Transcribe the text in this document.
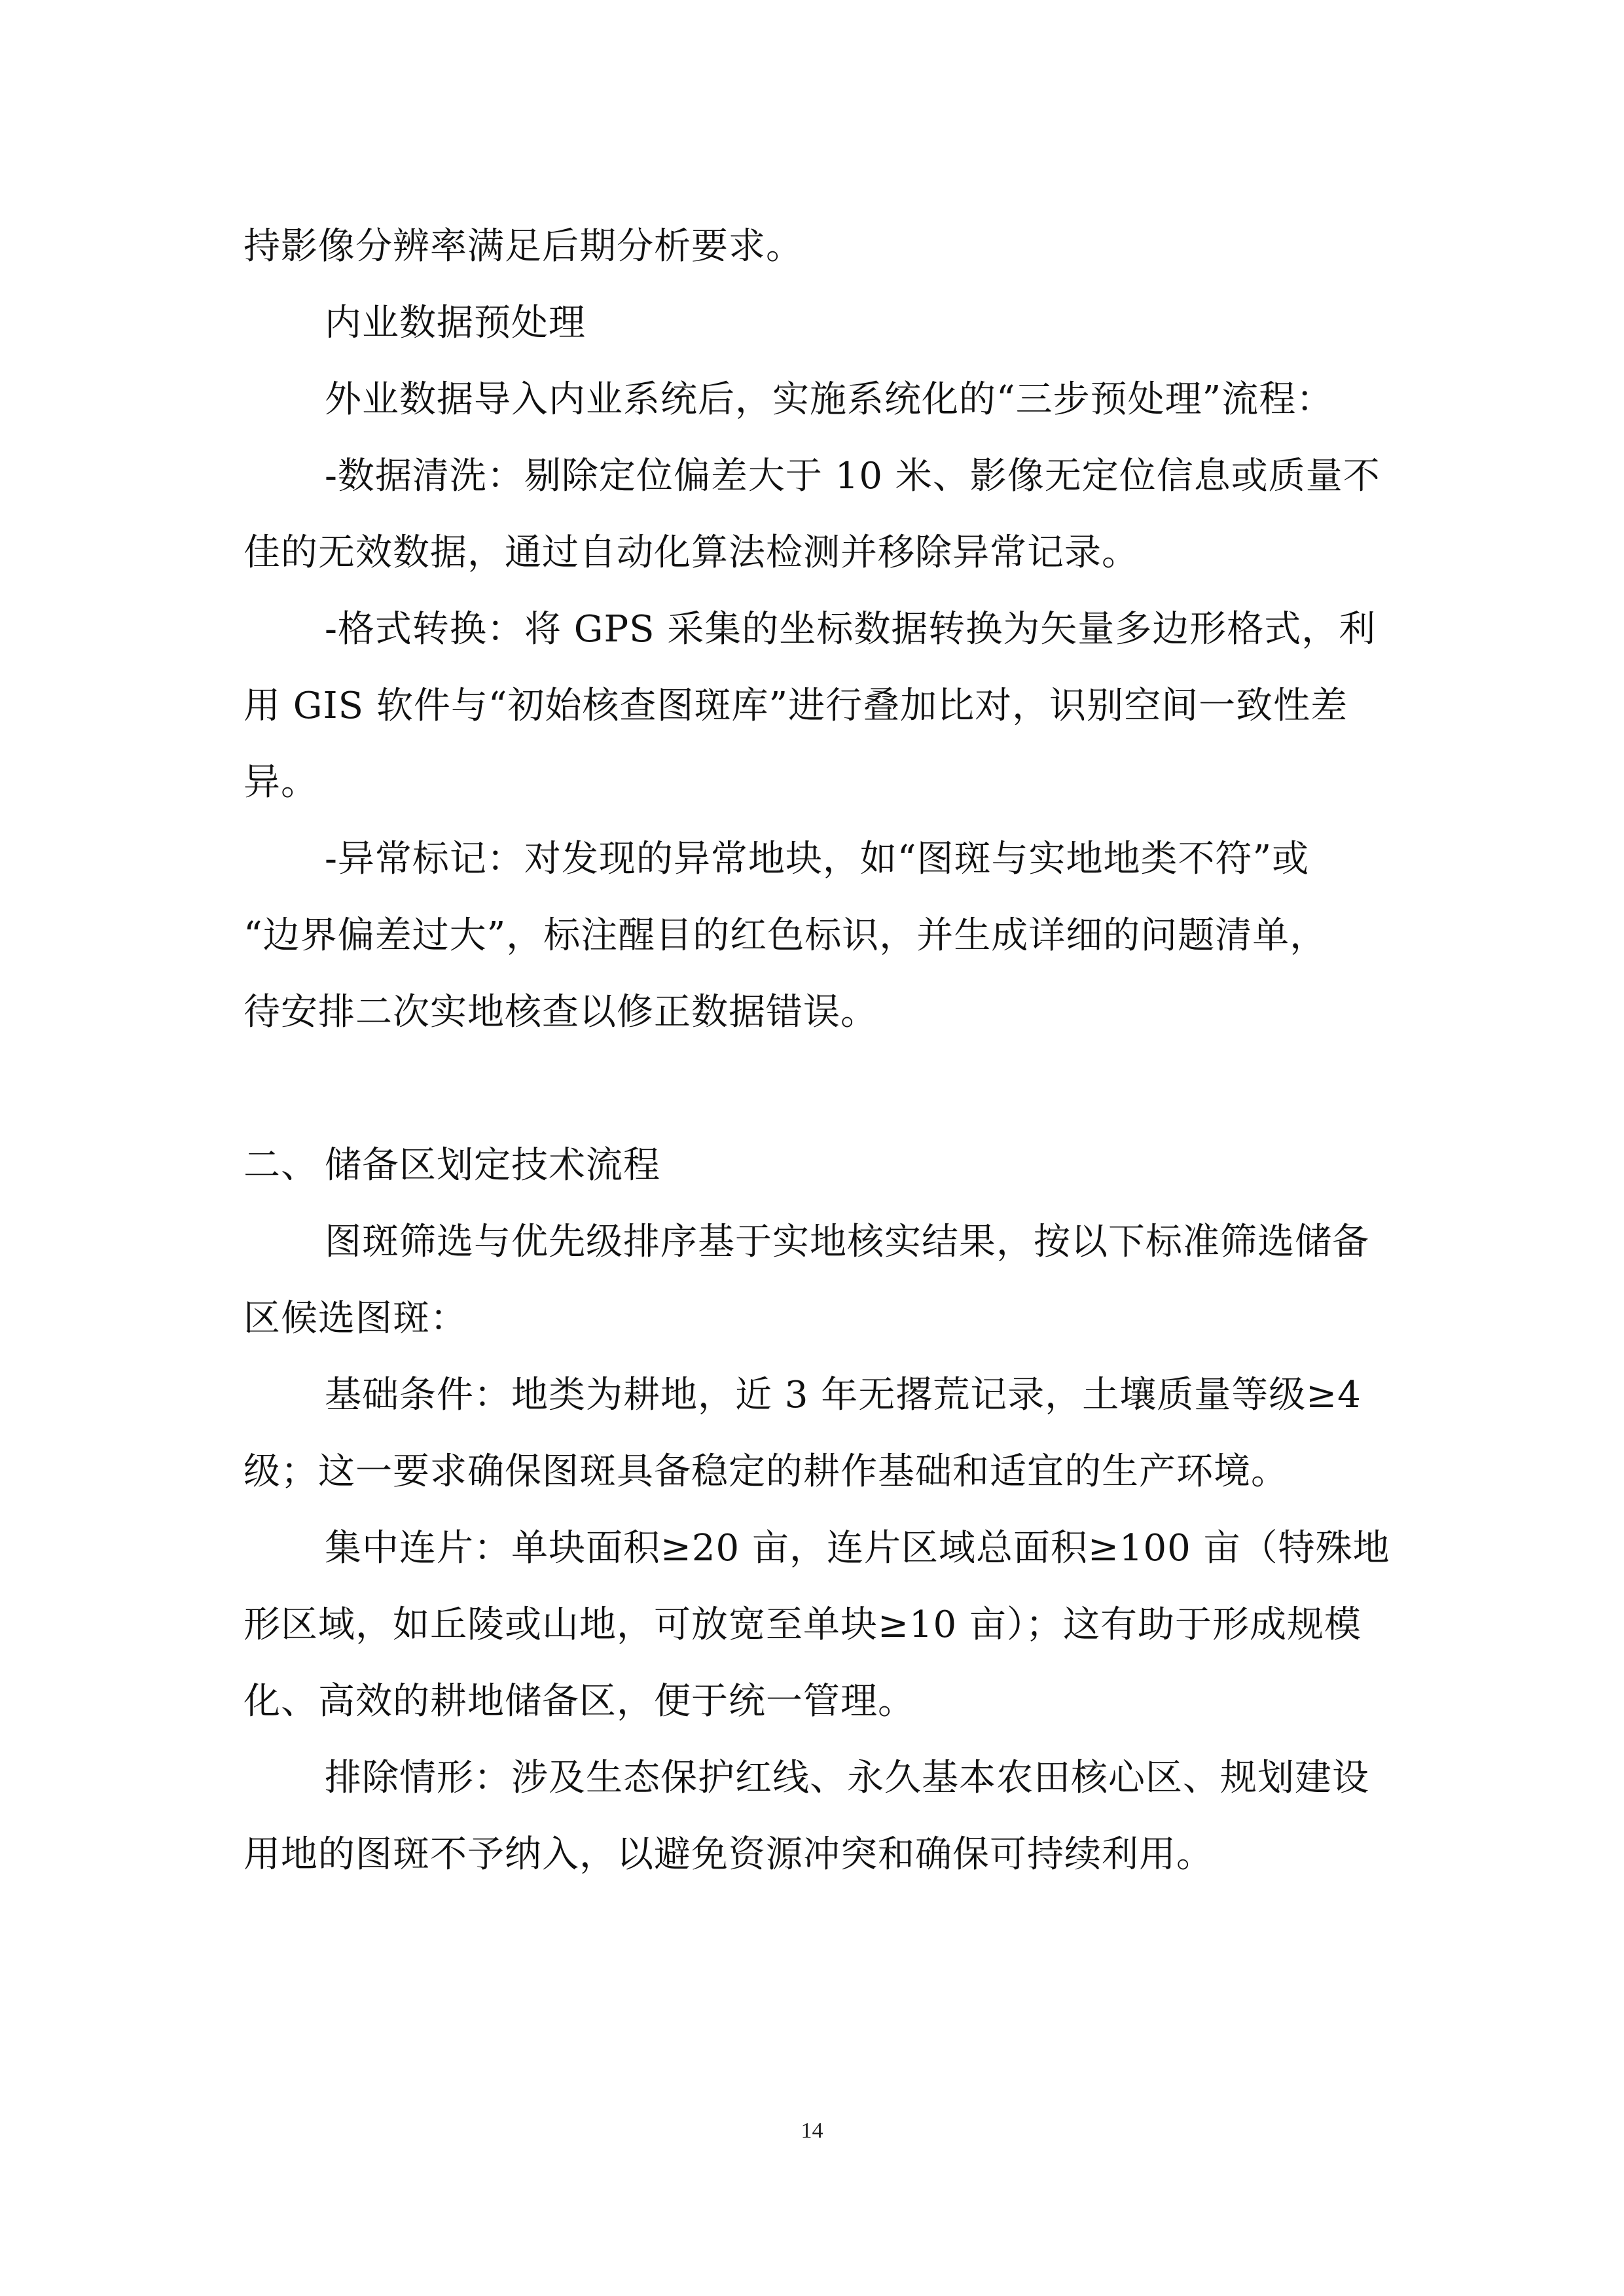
持影像分辨率满足后期分析要求。
内业数据预处理
外业数据导入内业系统后，实施系统化的“三步预处理”流程：
-数据清洗：剔除定位偏差大于 10 米、影像无定位信息或质量不
佳的无效数据，通过自动化算法检测并移除异常记录。
-格式转换：将 GPS 采集的坐标数据转换为矢量多边形格式，利
用 GIS 软件与“初始核查图斑库”进行叠加比对，识别空间一致性差
异。
-异常标记：对发现的异常地块，如“图斑与实地地类不符”或
“边界偏差过大”，标注醒目的红色标识，并生成详细的问题清单，
待安排二次实地核查以修正数据错误。
二、 储备区划定技术流程
图斑筛选与优先级排序基于实地核实结果，按以下标准筛选储备
区候选图斑：
基础条件：地类为耕地，近 3 年无撂荒记录，土壤质量等级≥4
级；这一要求确保图斑具备稳定的耕作基础和适宜的生产环境。
集中连片：单块面积≥20 亩，连片区域总面积≥100 亩（特殊地
形区域，如丘陵或山地，可放宽至单块≥10 亩）；这有助于形成规模
化、高效的耕地储备区，便于统一管理。
排除情形：涉及生态保护红线、永久基本农田核心区、规划建设
用地的图斑不予纳入，以避免资源冲突和确保可持续利用。
14
